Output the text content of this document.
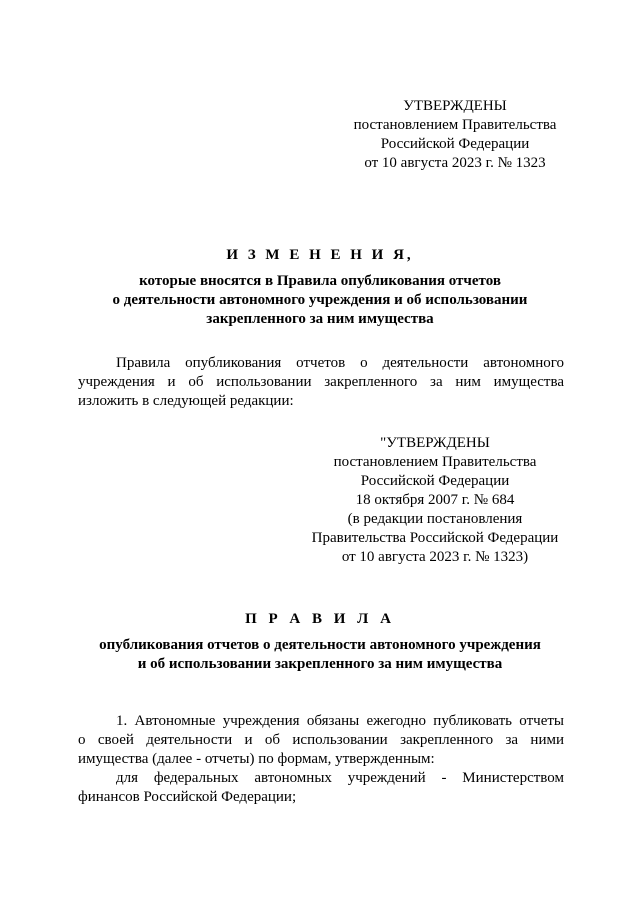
УТВЕРЖДЕНЫ
постановлением Правительства
Российской Федерации
от 10 августа 2023 г. № 1323
И З М Е Н Е Н И Я,
которые вносятся в Правила опубликования отчетов
о деятельности автономного учреждения и об использовании
закрепленного за ним имущества
Правила опубликования отчетов о деятельности автономного
учреждения и об использовании закрепленного за ним имущества
изложить в следующей редакции:
"УТВЕРЖДЕНЫ
постановлением Правительства
Российской Федерации
18 октября 2007 г. № 684
(в редакции постановления
Правительства Российской Федерации
от 10 августа 2023 г. № 1323)
П Р А В И Л А
опубликования отчетов о деятельности автономного учреждения
и об использовании закрепленного за ним имущества
1. Автономные учреждения обязаны ежегодно публиковать отчеты
о своей деятельности и об использовании закрепленного за ними
имущества (далее - отчеты) по формам, утвержденным:
для федеральных автономных учреждений - Министерством
финансов Российской Федерации;
